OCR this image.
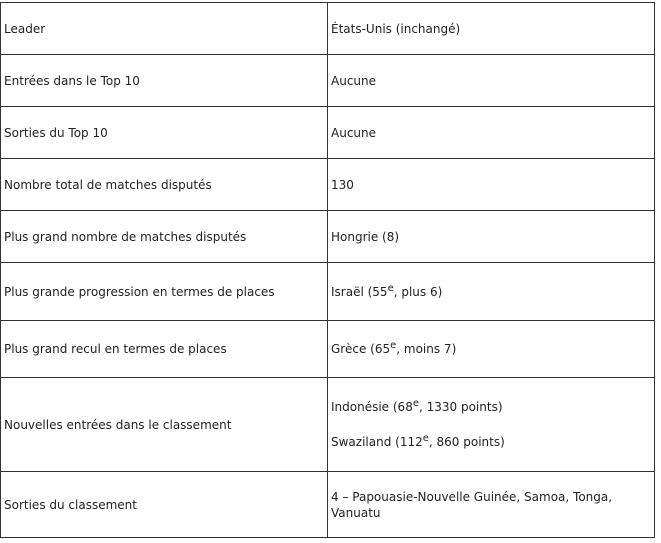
Leader	États-Unis (inchangé)
Entrées dans le Top 10	Aucune
Sorties du Top 10	Aucune
Nombre total de matches disputés	130
Plus grand nombre de matches disputés	Hongrie (8)
Plus grande progression en termes de places	Israël (55e, plus 6)
Plus grand recul en termes de places	Grèce (65e, moins 7)
Nouvelles entrées dans le classement	Indonésie (68e, 1330 points)

Swaziland (112e, 860 points)

Sorties du classement	4 – Papouasie-Nouvelle Guinée, Samoa, Tonga, Vanuatu
